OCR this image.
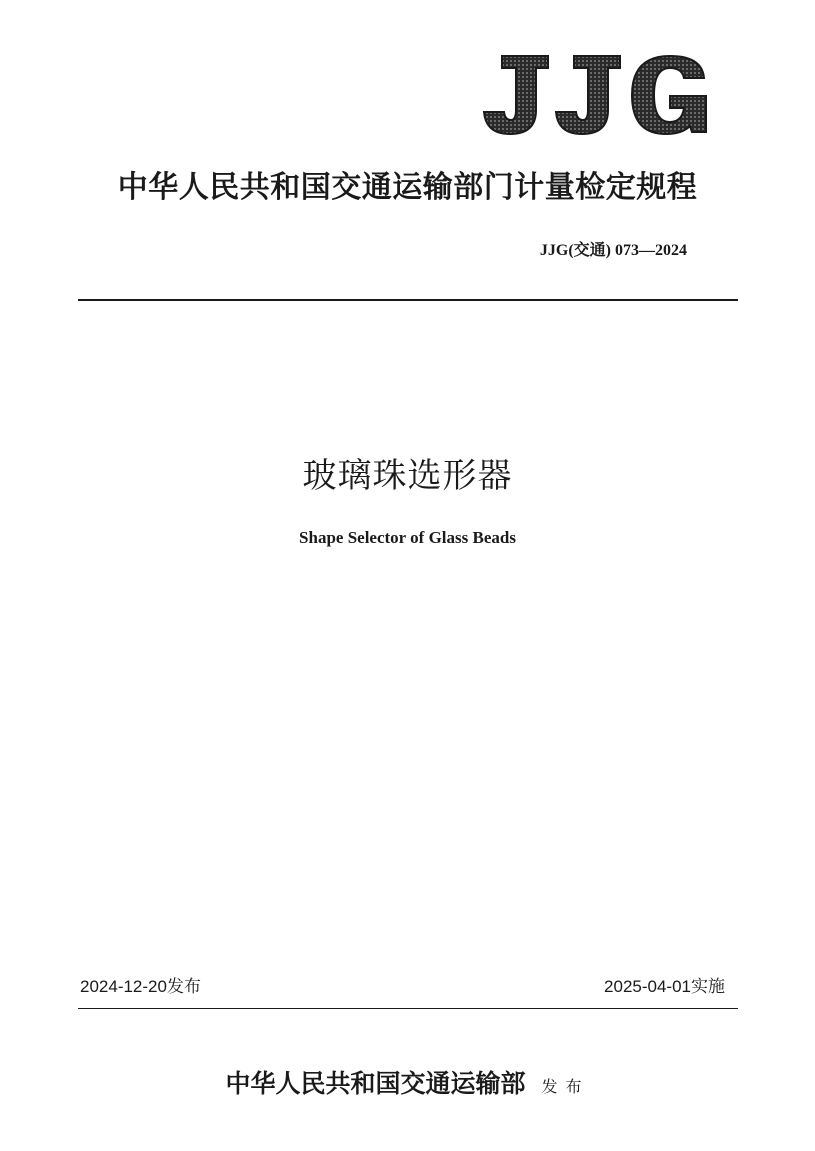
中华人民共和国交通运输部门计量检定规程
JJG(交通) 073—2024
玻璃珠选形器
Shape Selector of Glass Beads
2024-12-20发布	2025-04-01实施
中华人民共和国交通运输部 发布
